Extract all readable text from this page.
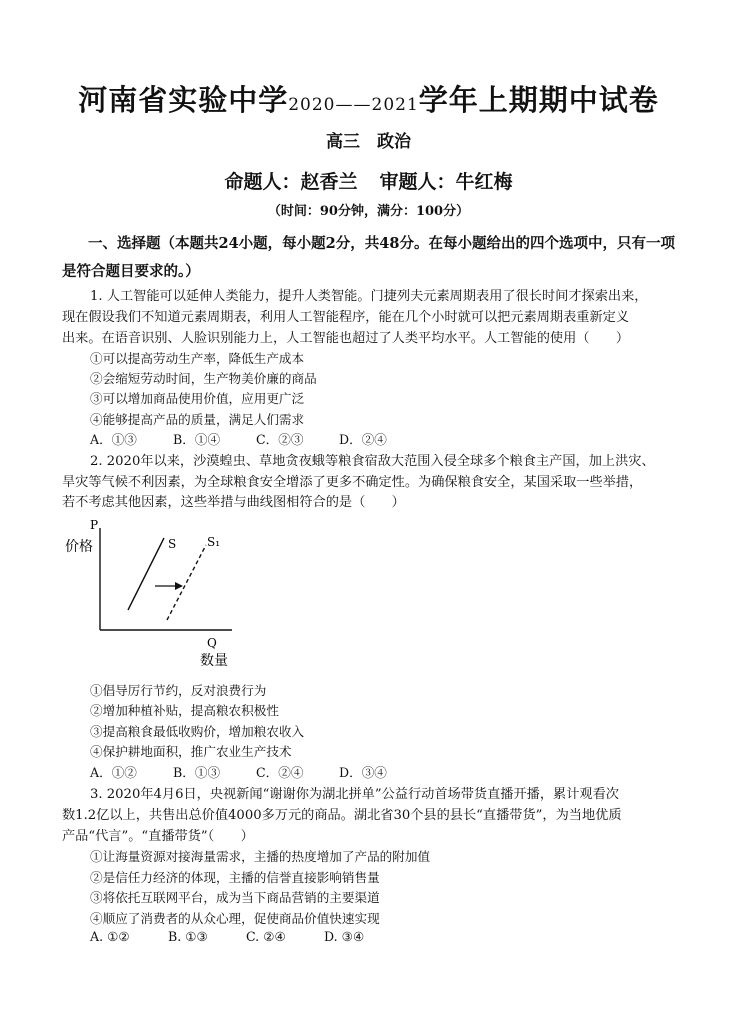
河南省实验中学2020——2021学年上期期中试卷
高三　政治
命题人：赵香兰 审题人：牛红梅
（时间：90分钟，满分：100分）
一、选择题（本题共24小题，每小题2分，共48分。在每小题给出的四个选项中，只有一项
是符合题目要求的。）
1. 人工智能可以延伸人类能力，提升人类智能。门捷列夫元素周期表用了很长时间才探索出来，
现在假设我们不知道元素周期表，利用人工智能程序，能在几个小时就可以把元素周期表重新定义
出来。在语音识别、人脸识别能力上，人工智能也超过了人类平均水平。人工智能的使用（　　）
①可以提高劳动生产率，降低生产成本
②会缩短劳动时间，生产物美价廉的商品
③可以增加商品使用价值，应用更广泛
④能够提高产品的质量，满足人们需求
A．①③	B．①④	C．②③	D．②④
2. 2020年以来，沙漠蝗虫、草地贪夜蛾等粮食宿敌大范围入侵全球多个粮食主产国，加上洪灾、
旱灾等气候不利因素，为全球粮食安全增添了更多不确定性。为确保粮食安全，某国采取一些举措，
若不考虑其他因素，这些举措与曲线图相符合的是（　　）
P
价格
Q
数量
S	S₁
①倡导厉行节约，反对浪费行为
②增加种植补贴，提高粮农积极性
③提高粮食最低收购价，增加粮农收入
④保护耕地面积，推广农业生产技术
A．①②	B．①③	C．②④	D．③④
3. 2020年4月6日，央视新闻“谢谢你为湖北拼单”公益行动首场带货直播开播，累计观看次
数1.2亿以上，共售出总价值4000多万元的商品。湖北省30个县的县长“直播带货”，为当地优质
产品“代言”。“直播带货”（　　）
①让海量资源对接海量需求，主播的热度增加了产品的附加值
②是信任力经济的体现，主播的信誉直接影响销售量
③将依托互联网平台，成为当下商品营销的主要渠道
④顺应了消费者的从众心理，促使商品价值快速实现
A. ①②	B. ①③	C. ②④	D. ③④
